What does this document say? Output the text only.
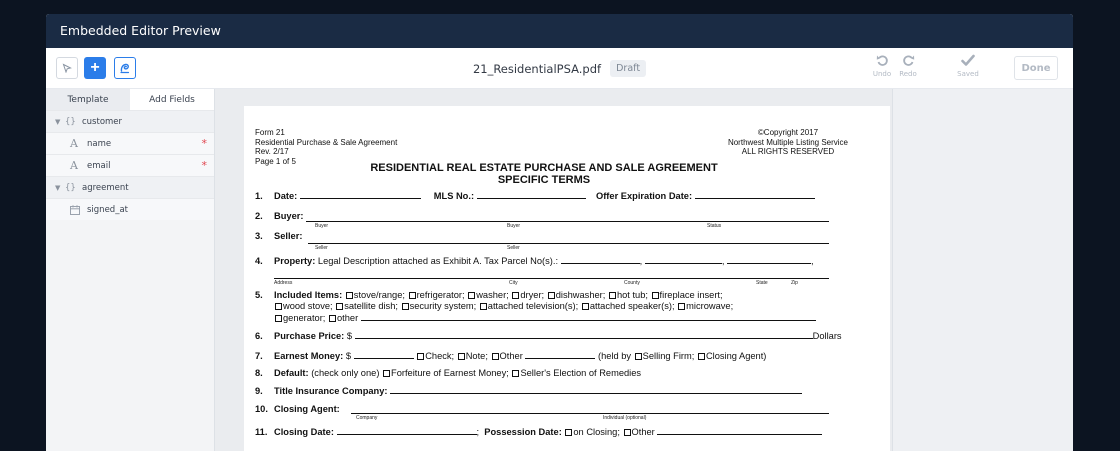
Embedded Editor Preview
+	21_ResidentialPSA.pdf	Draft	Undo Redo	Saved
Done
Template	Add Fields
▼ {} customer
A	name	*
A	email	*
▼ {} agreement
signed_at
Form 21
Residential Purchase & Sale Agreement
Rev. 2/17
Page 1 of 5
©Copyright 2017
Northwest Multiple Listing Service
ALL RIGHTS RESERVED
RESIDENTIAL REAL ESTATE PURCHASE AND SALE AGREEMENT
SPECIFIC TERMS
1. Date:	MLS No.:	Offer Expiration Date:
2. Buyer:
Buyer	Buyer	Status
3. Seller:
Seller	Seller
4. Property: Legal Description attached as Exhibit A. Tax Parcel No(s).:	,	,	,
Address	City	County	State	Zip
5. Included Items: stove/range; refrigerator; washer; dryer; dishwasher; hot tub; fireplace insert;
wood stove; satellite dish; security system; attached television(s); attached speaker(s); microwave;
generator; other
6. Purchase Price: $	Dollars
7. Earnest Money: $	Check; Note; Other	(held by Selling Firm; Closing Agent)
8. Default: (check only one) Forfeiture of Earnest Money; Seller's Election of Remedies
9. Title Insurance Company:
10. Closing Agent:
Company	Individual (optional)
11. Closing Date:	; Possession Date: on Closing; Other
